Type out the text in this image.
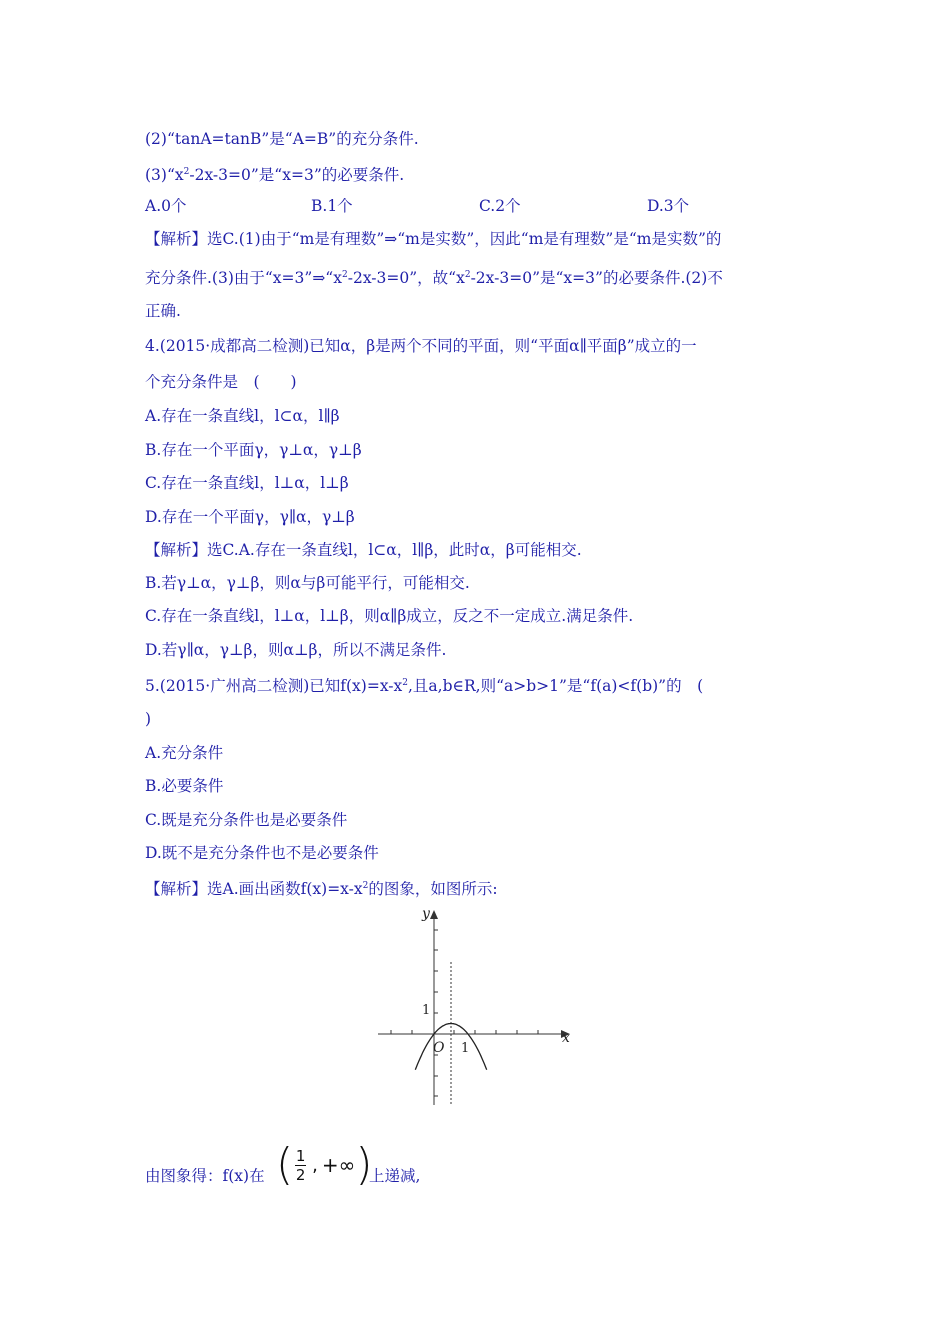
(2)“tanA=tanB”是“A=B”的充分条件.
$(3)“x^2-2x-3=0$”是“x=3”的必要条件.
A.0个	B.1个	C.2个	D.3个
【解析】选C.(1)由于“m是有理数”⇒“m是实数”，因此“m是有理数”是“m是实数”的
充分条件.(3)由于“$x=3”\Rightarrow“x^2-2x-3=0$”，故“$x^2-2x-3=0$”是“x=3”的必要条件.(2)不
正确.
4.(2015·成都高二检测)已知α，β是两个不同的平面，则“平面α∥平面β”成立的一
个充分条件是　(　　)
A.存在一条直线l，l⊂α，l∥β
B.存在一个平面γ，γ⊥α，γ⊥β
C.存在一条直线l，l⊥α，l⊥β
D.存在一个平面γ，γ∥α，γ⊥β
【解析】选C.A.存在一条直线l，l⊂α，l∥β，此时α，β可能相交.
B.若γ⊥α，γ⊥β，则α与β可能平行，可能相交.
C.存在一条直线l，l⊥α，l⊥β，则α∥β成立，反之不一定成立.满足条件.
D.若γ∥α，γ⊥β，则α⊥β，所以不满足条件.
5.(2015·广州高二检测)已知$f(x)=x-x^2$,且a,b∈R,则“a>b>1”是“f(a)<f(b)”的　(
)
A.充分条件
B.必要条件
C.既是充分条件也是必要条件
D.既不是充分条件也不是必要条件
【解析】选A.画出函数$f(x)=x-x^2$的图象，如图所示:
y
x
O 1
1
由图象得：f(x)在 ( 1
2 , +∞ )
上递减,
